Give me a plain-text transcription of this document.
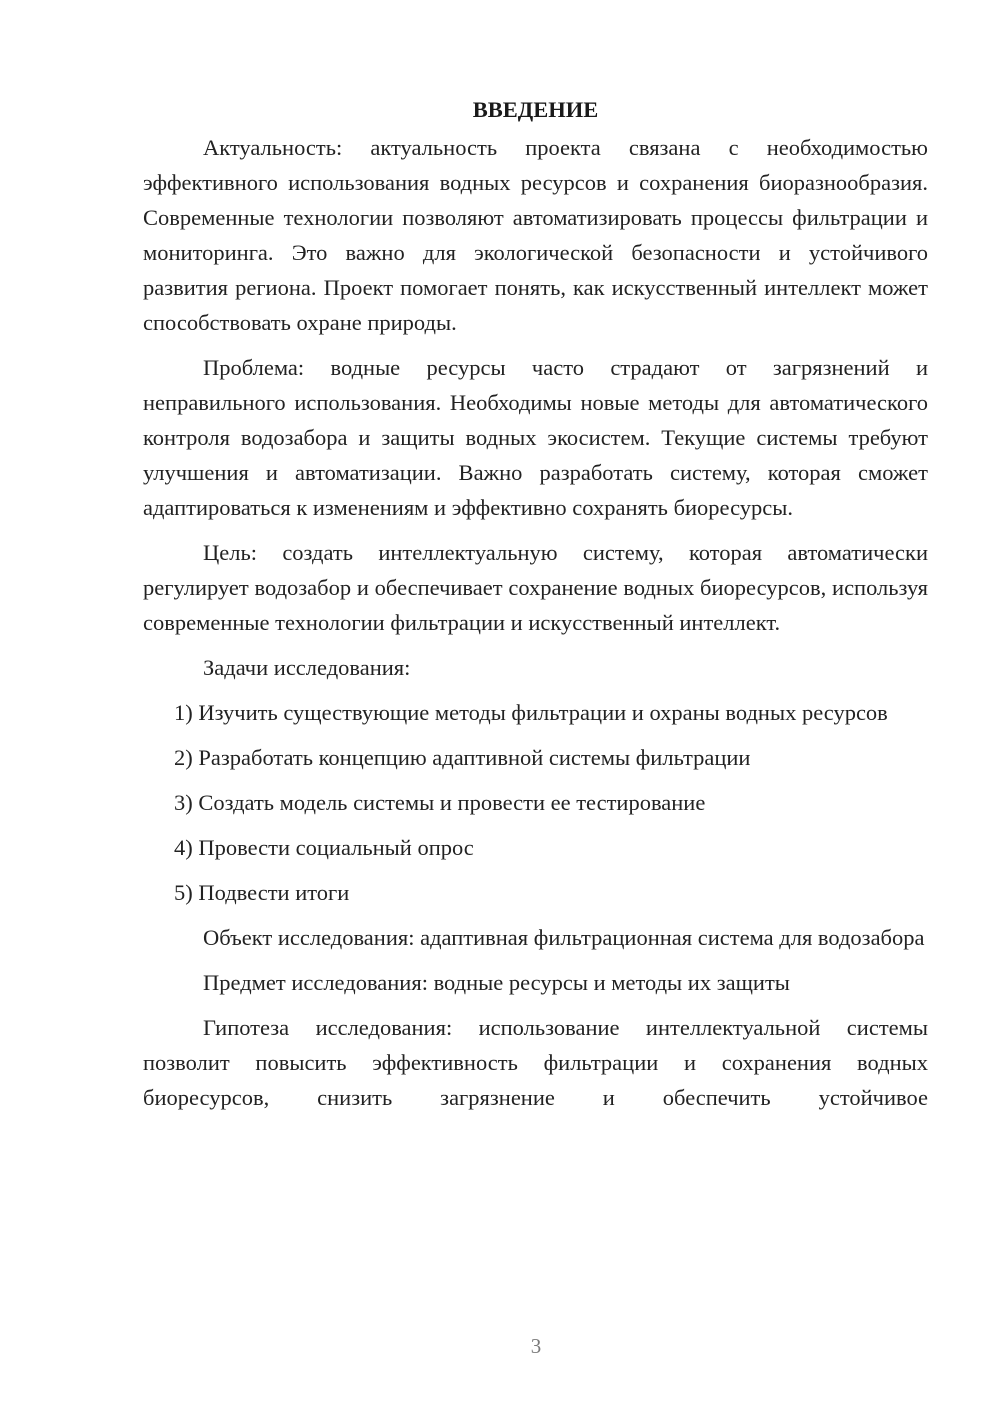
ВВЕДЕНИЕ

Актуальность: актуальность проекта связана с необходимостью эффективного использования водных ресурсов и сохранения биоразнообразия. Современные технологии позволяют автоматизировать процессы фильтрации и мониторинга. Это важно для экологической безопасности и устойчивого развития региона. Проект помогает понять, как искусственный интеллект может способствовать охране природы.

Проблема: водные ресурсы часто страдают от загрязнений и неправильного использования. Необходимы новые методы для автоматического контроля водозабора и защиты водных экосистем. Текущие системы требуют улучшения и автоматизации. Важно разработать систему, которая сможет адаптироваться к изменениям и эффективно сохранять биоресурсы.

Цель: создать интеллектуальную систему, которая автоматически регулирует водозабор и обеспечивает сохранение водных биоресурсов, используя современные технологии фильтрации и искусственный интеллект.

Задачи исследования:

1) Изучить существующие методы фильтрации и охраны водных ресурсов

2) Разработать концепцию адаптивной системы фильтрации

3) Создать модель системы и провести ее тестирование

4) Провести социальный опрос

5) Подвести итоги

Объект исследования: адаптивная фильтрационная система для водозабора

Предмет исследования: водные ресурсы и методы их защиты

Гипотеза исследования: использование интеллектуальной системы позволит повысить эффективность фильтрации и сохранения водных биоресурсов, снизить загрязнение и обеспечить устойчивое

3
